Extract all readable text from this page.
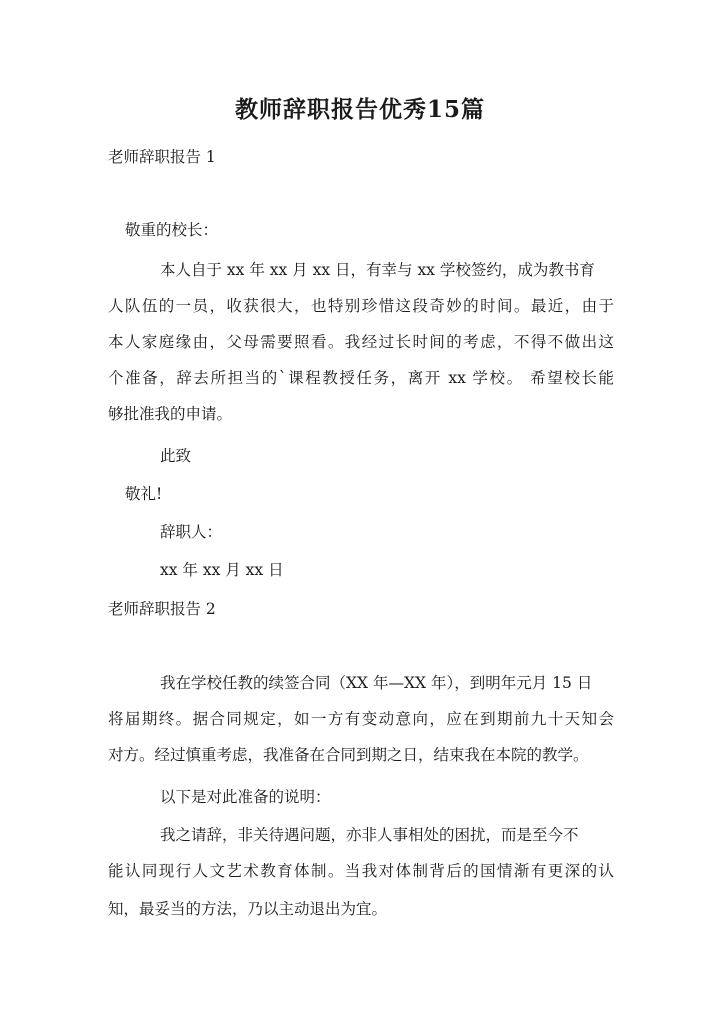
教师辞职报告优秀15篇
老师辞职报告 1
敬重的校长：
本人自于 xx 年 xx 月 xx 日，有幸与 xx 学校签约，成为教书育
人队伍的一员，收获很大，也特别珍惜这段奇妙的时间。最近，由于
本人家庭缘由，父母需要照看。我经过长时间的考虑，不得不做出这
个准备，辞去所担当的`课程教授任务，离开 xx 学校。 希望校长能
够批准我的申请。
此致
敬礼!
辞职人：
xx 年 xx 月 xx 日
老师辞职报告 2
我在学校任教的续签合同（XX 年—XX 年），到明年元月 15 日
将届期终。据合同规定，如一方有变动意向，应在到期前九十天知会
对方。经过慎重考虑，我准备在合同到期之日，结束我在本院的教学。
以下是对此准备的说明：
我之请辞，非关待遇问题，亦非人事相处的困扰，而是至今不
能认同现行人文艺术教育体制。当我对体制背后的国情渐有更深的认
知，最妥当的方法，乃以主动退出为宜。
